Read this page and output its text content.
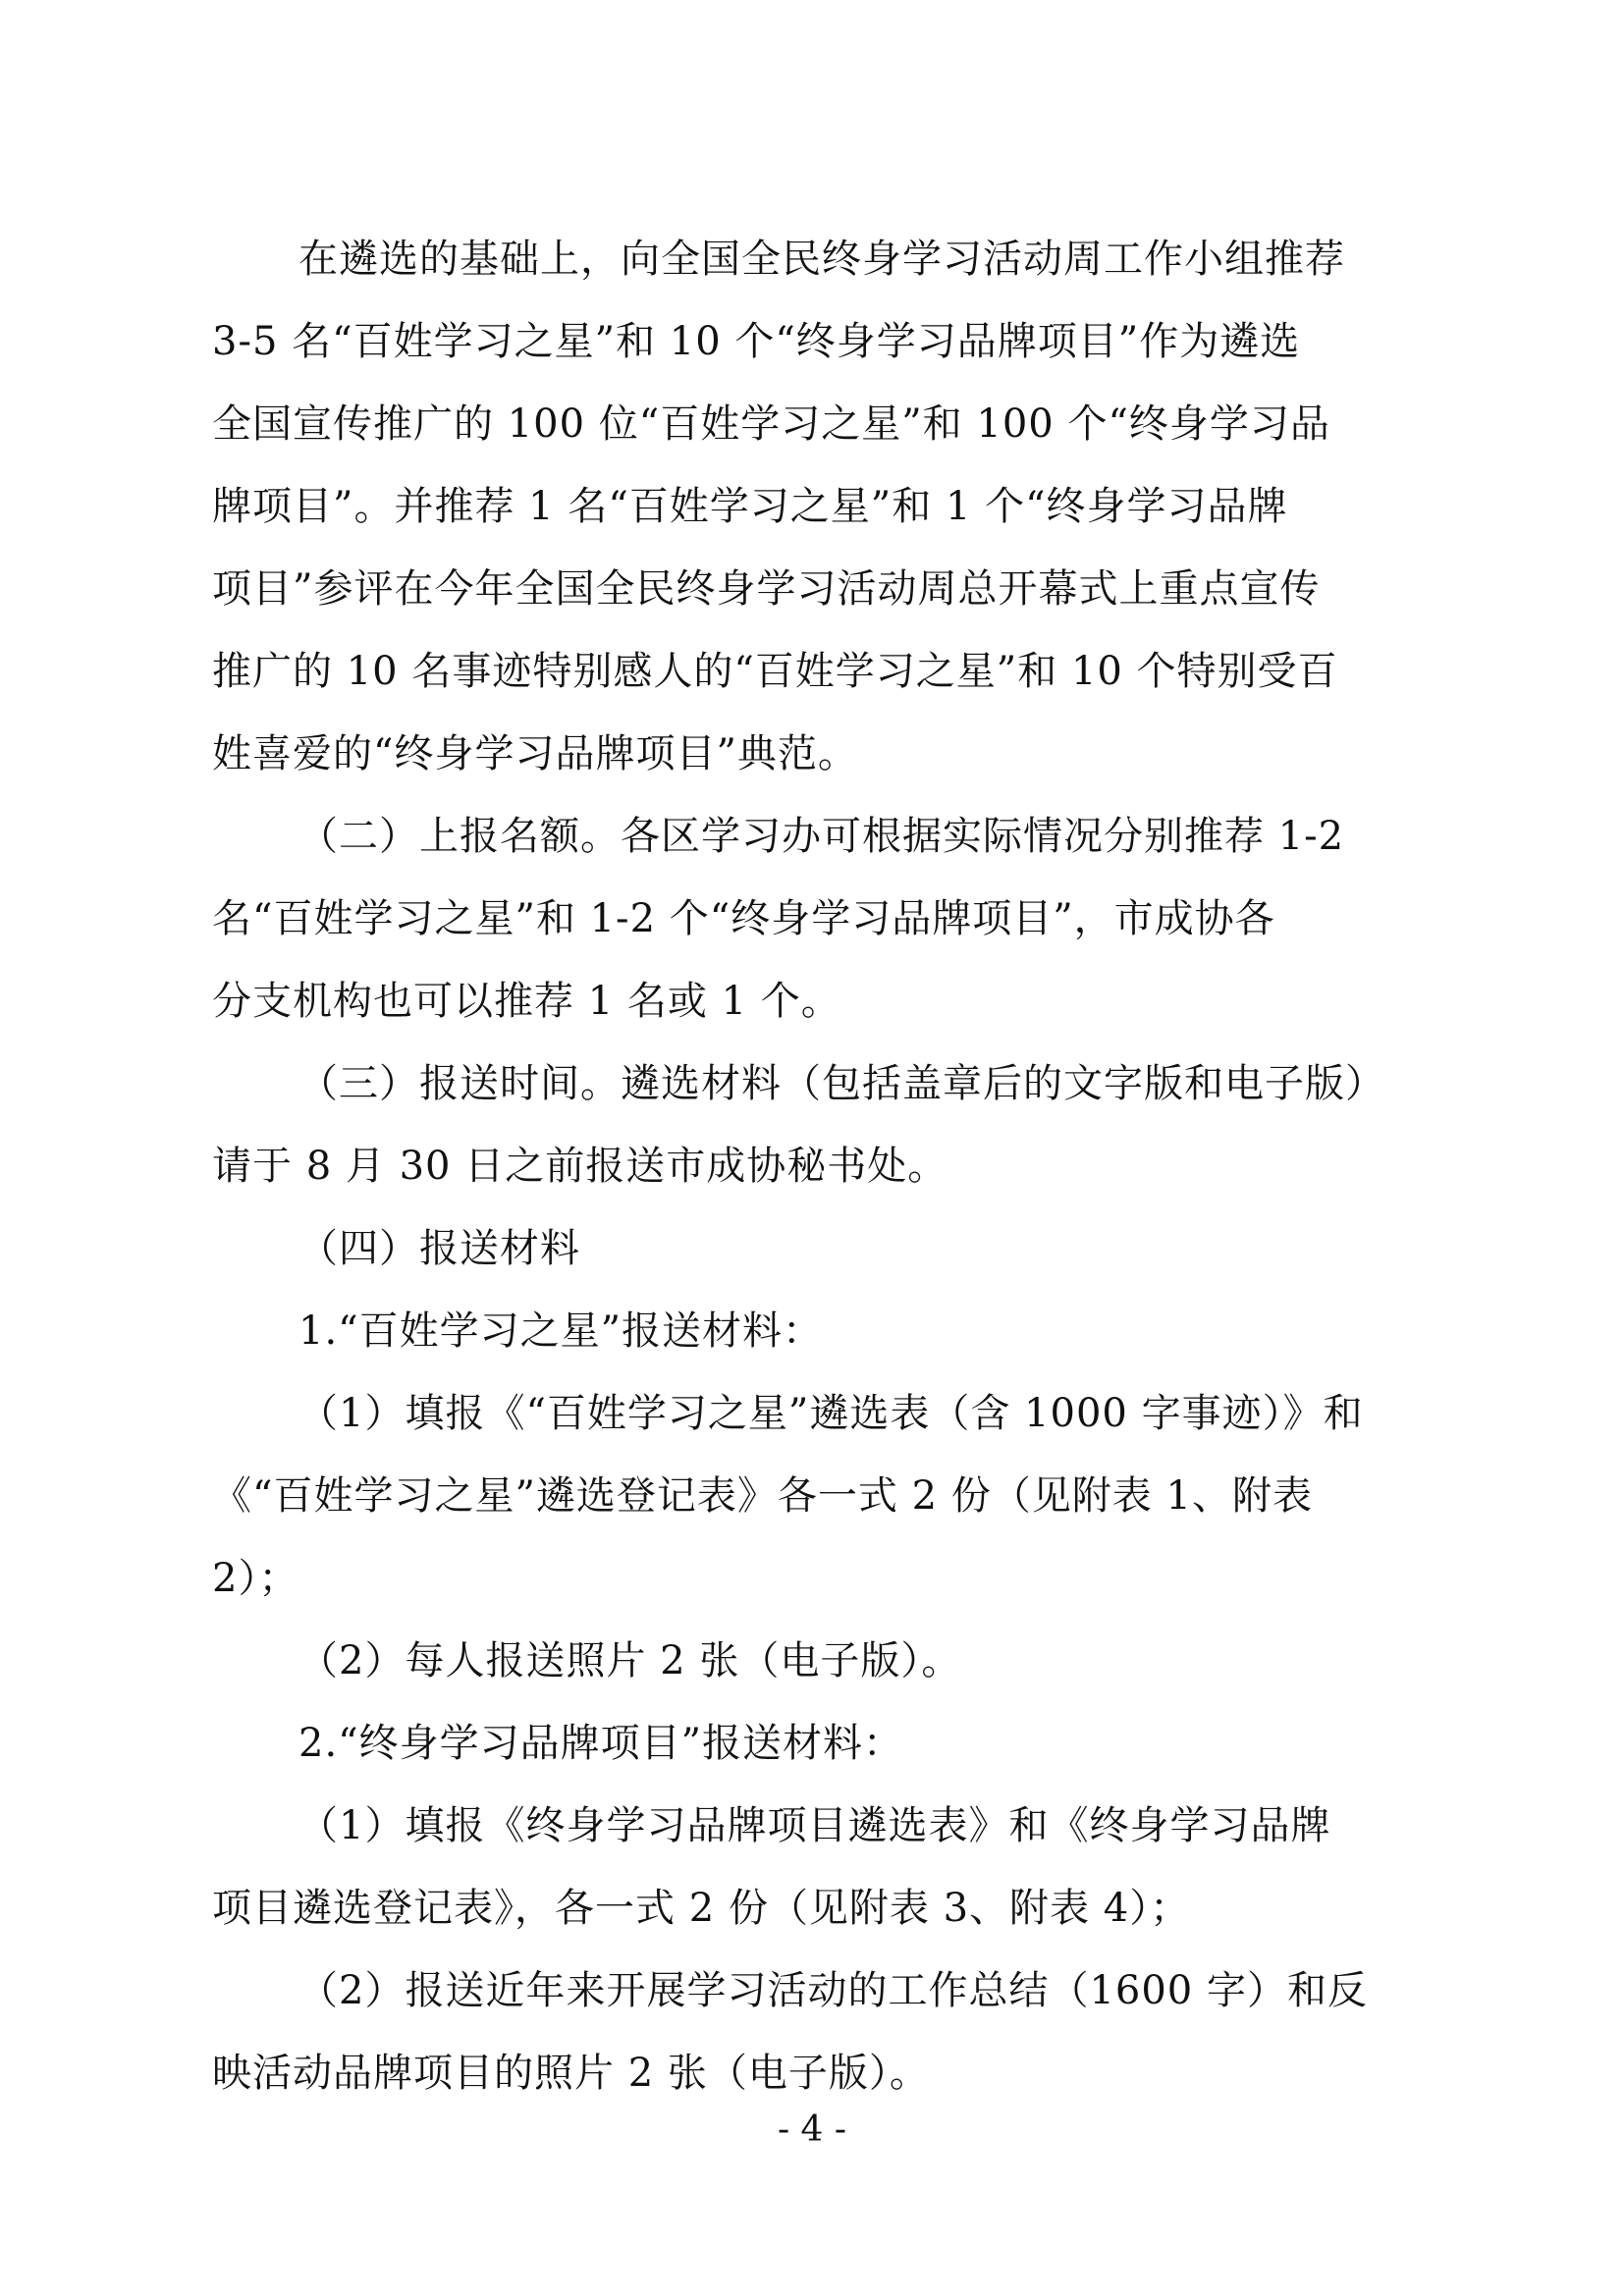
在遴选的基础上，向全国全民终身学习活动周工作小组推荐
3-5 名“百姓学习之星”和 10 个“终身学习品牌项目”作为遴选
全国宣传推广的 100 位“百姓学习之星”和 100 个“终身学习品
牌项目”。并推荐 1 名“百姓学习之星”和 1 个“终身学习品牌
项目”参评在今年全国全民终身学习活动周总开幕式上重点宣传
推广的 10 名事迹特别感人的“百姓学习之星”和 10 个特别受百
姓喜爱的“终身学习品牌项目”典范。
（二）上报名额。各区学习办可根据实际情况分别推荐 1-2
名“百姓学习之星”和 1-2 个“终身学习品牌项目”，市成协各
分支机构也可以推荐 1 名或 1 个。
（三）报送时间。遴选材料（包括盖章后的文字版和电子版）
请于 8 月 30 日之前报送市成协秘书处。
（四）报送材料
1.“百姓学习之星”报送材料：
（1）填报《“百姓学习之星”遴选表（含 1000 字事迹）》和
《“百姓学习之星”遴选登记表》各一式 2 份（见附表 1、附表
2）；
（2）每人报送照片 2 张（电子版）。
2.“终身学习品牌项目”报送材料：
（1）填报《终身学习品牌项目遴选表》和《终身学习品牌
项目遴选登记表》，各一式 2 份（见附表 3、附表 4）；
（2）报送近年来开展学习活动的工作总结（1600 字）和反
映活动品牌项目的照片 2 张（电子版）。
- 4 -
